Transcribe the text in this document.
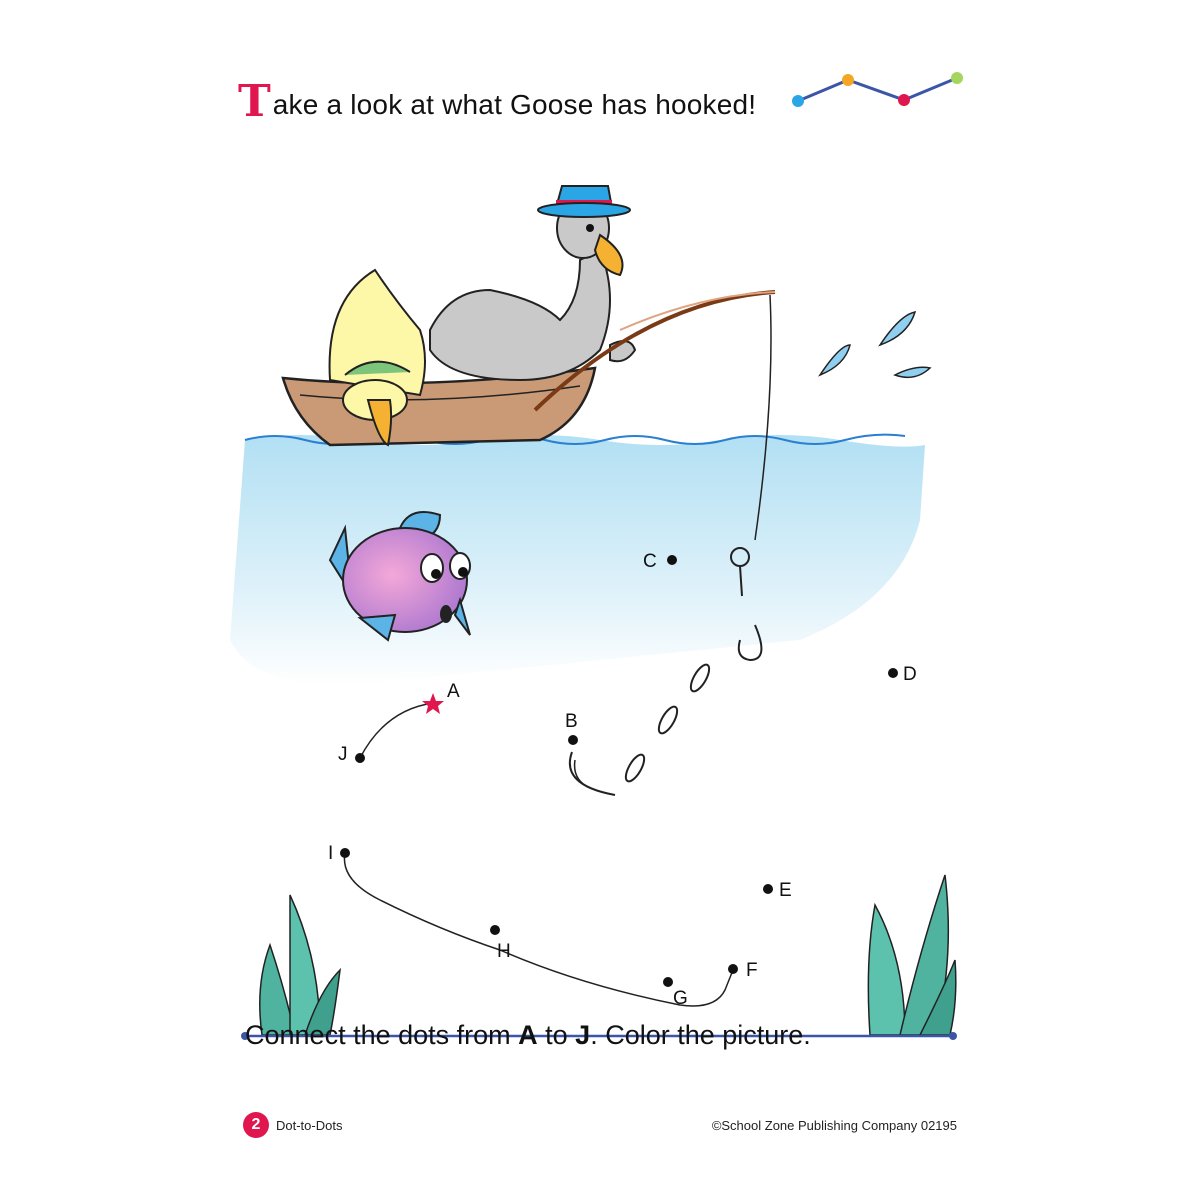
T ake a look at what Goose has hooked!
B
C
D
E
F
G
H
I
J
A
Connect the dots from A to J. Color the picture.
2	Dot-to-Dots	©School Zone Publishing Company 02195
